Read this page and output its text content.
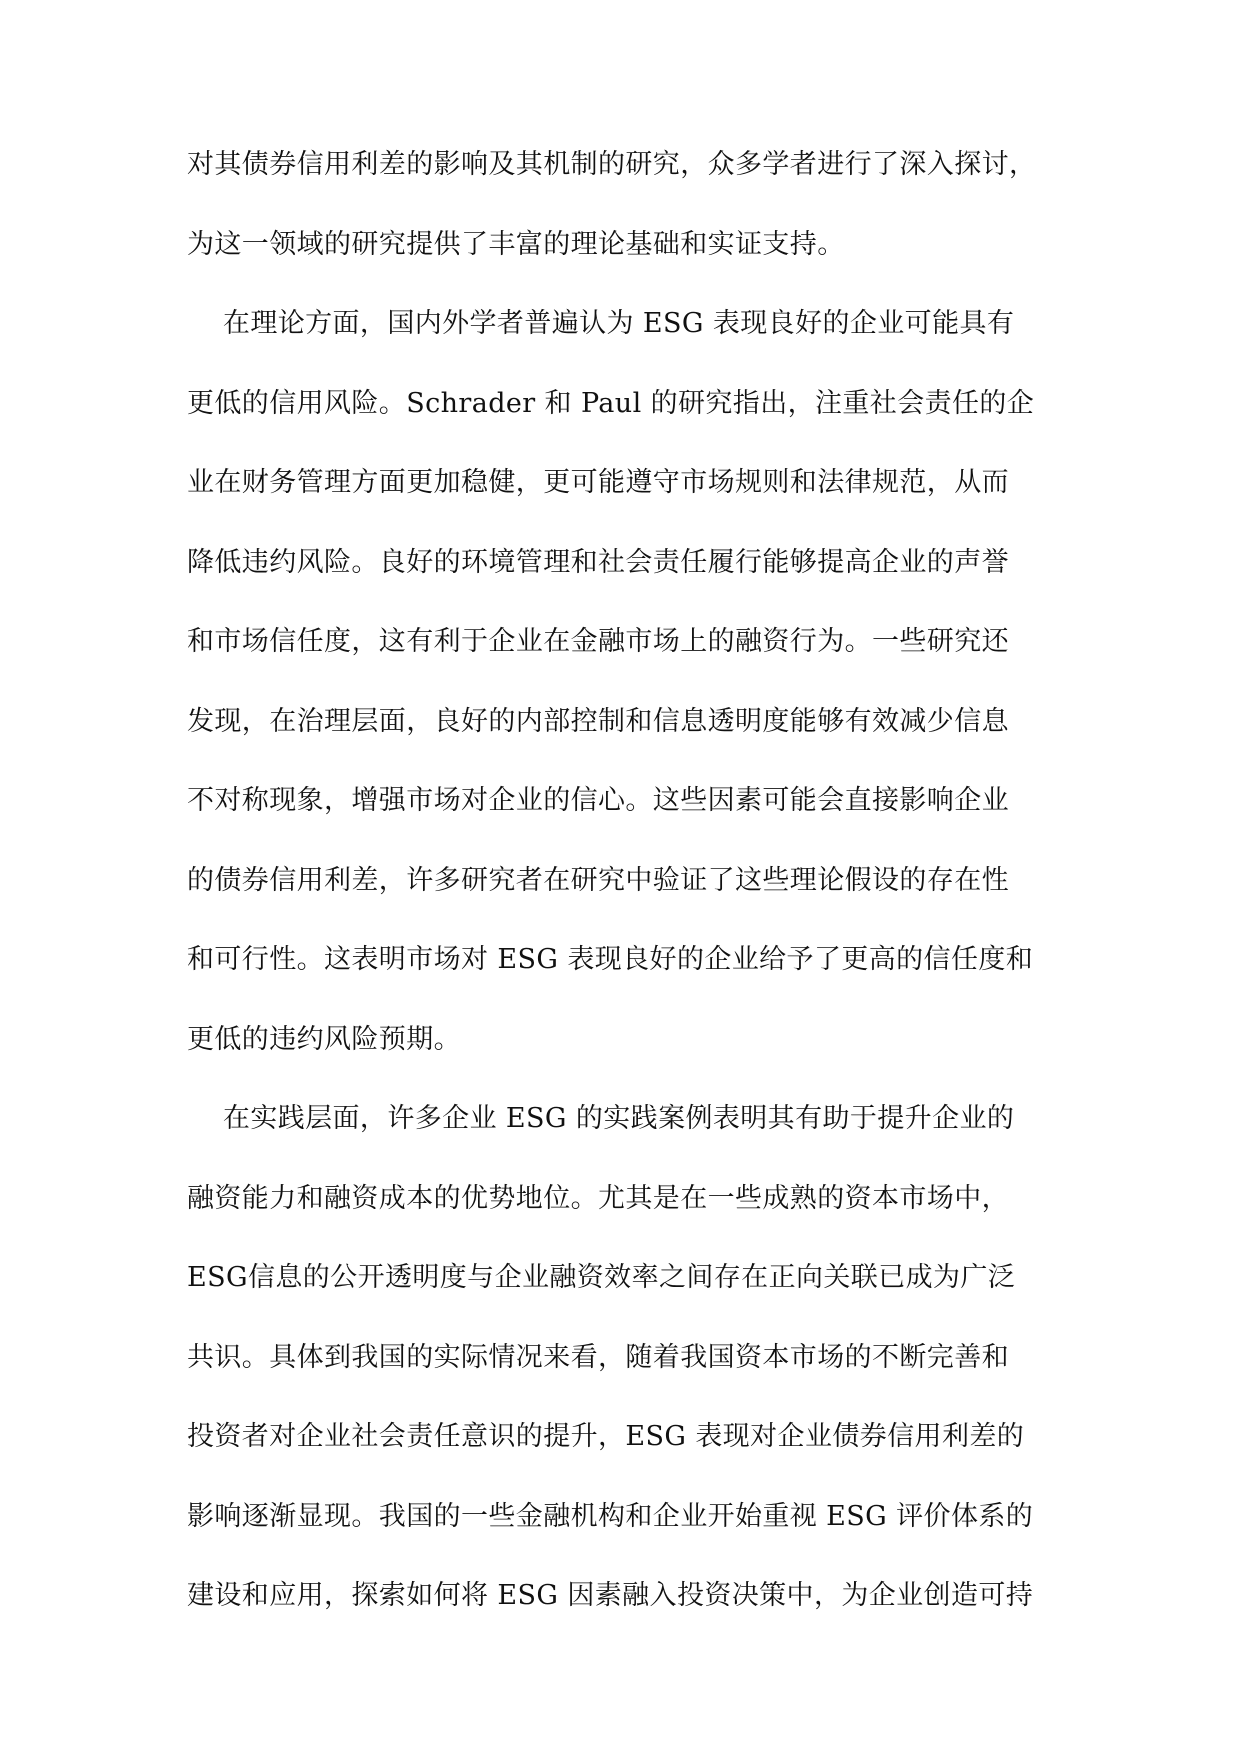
对其债券信用利差的影响及其机制的研究，众多学者进行了深入探讨，
为这一领域的研究提供了丰富的理论基础和实证支持。
在理论方面，国内外学者普遍认为 ESG 表现良好的企业可能具有
更低的信用风险。Schrader 和 Paul 的研究指出，注重社会责任的企
业在财务管理方面更加稳健，更可能遵守市场规则和法律规范，从而
降低违约风险。良好的环境管理和社会责任履行能够提高企业的声誉
和市场信任度，这有利于企业在金融市场上的融资行为。一些研究还
发现，在治理层面，良好的内部控制和信息透明度能够有效减少信息
不对称现象，增强市场对企业的信心。这些因素可能会直接影响企业
的债券信用利差，许多研究者在研究中验证了这些理论假设的存在性
和可行性。这表明市场对 ESG 表现良好的企业给予了更高的信任度和
更低的违约风险预期。
在实践层面，许多企业 ESG 的实践案例表明其有助于提升企业的
融资能力和融资成本的优势地位。尤其是在一些成熟的资本市场中，
ESG信息的公开透明度与企业融资效率之间存在正向关联已成为广泛
共识。具体到我国的实际情况来看，随着我国资本市场的不断完善和
投资者对企业社会责任意识的提升，ESG 表现对企业债券信用利差的
影响逐渐显现。我国的一些金融机构和企业开始重视 ESG 评价体系的
建设和应用，探索如何将 ESG 因素融入投资决策中，为企业创造可持
